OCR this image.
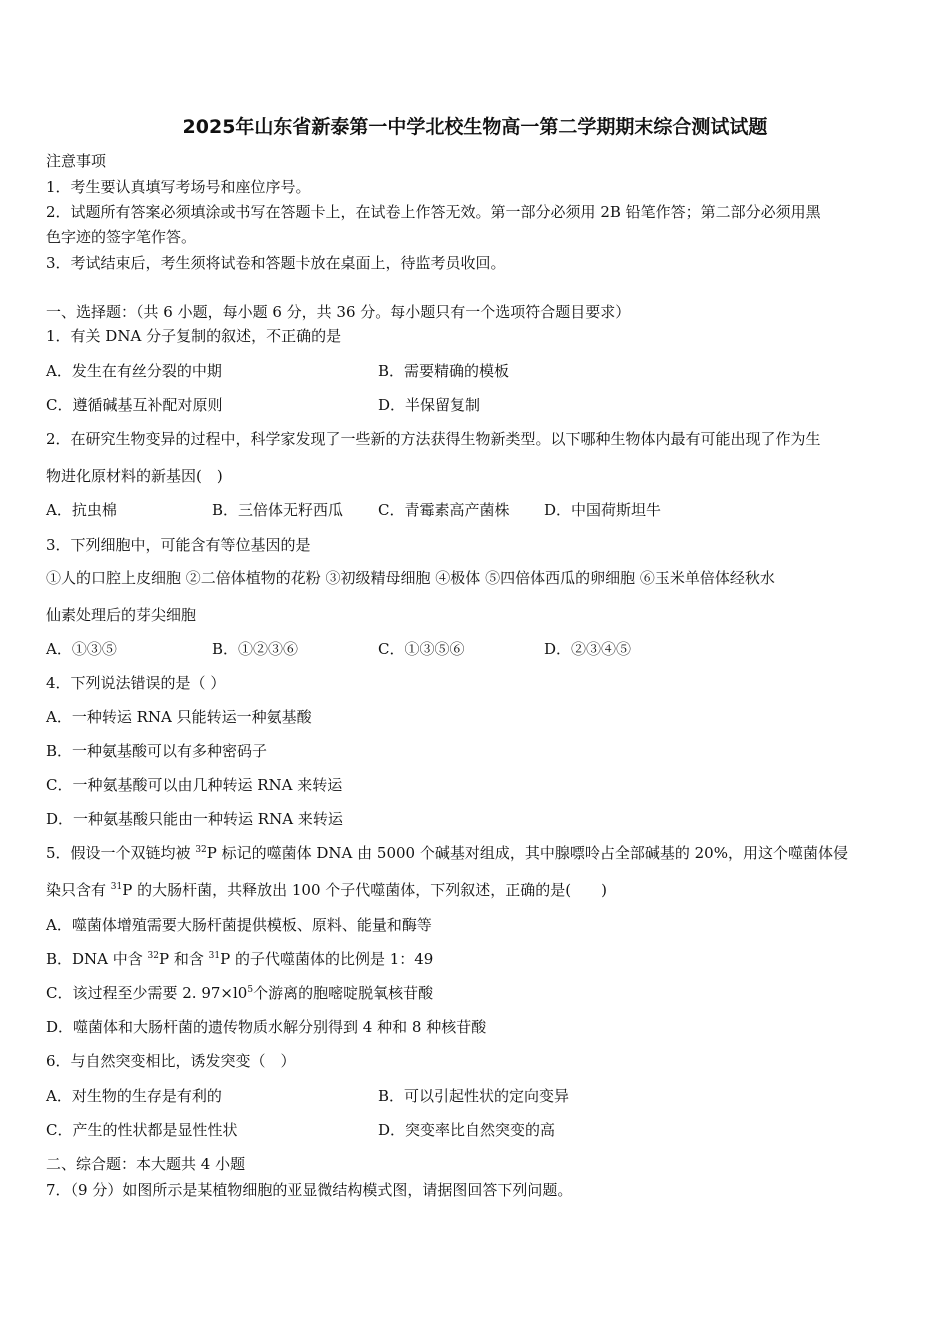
2025年山东省新泰第一中学北校生物高一第二学期期末综合测试试题
注意事项
1．考生要认真填写考场号和座位序号。
2．试题所有答案必须填涂或书写在答题卡上，在试卷上作答无效。第一部分必须用 2B 铅笔作答；第二部分必须用黑
色字迹的签字笔作答。
3．考试结束后，考生须将试卷和答题卡放在桌面上，待监考员收回。
一、选择题：（共 6 小题，每小题 6 分，共 36 分。每小题只有一个选项符合题目要求）
1．有关 DNA 分子复制的叙述，不正确的是
A．发生在有丝分裂的中期	B．需要精确的模板
C．遵循碱基互补配对原则	D．半保留复制
2．在研究生物变异的过程中，科学家发现了一些新的方法获得生物新类型。以下哪种生物体内最有可能出现了作为生
物进化原材料的新基因(　)
A．抗虫棉	B．三倍体无籽西瓜 C．青霉素高产菌株 D．中国荷斯坦牛
3．下列细胞中，可能含有等位基因的是
①人的口腔上皮细胞 ②二倍体植物的花粉 ③初级精母细胞 ④极体 ⑤四倍体西瓜的卵细胞 ⑥玉米单倍体经秋水
仙素处理后的芽尖细胞
A．①③⑤	B．①②③⑥	C．①③⑤⑥	D．②③④⑤
4．下列说法错误的是（ ）
A．一种转运 RNA 只能转运一种氨基酸
B．一种氨基酸可以有多种密码子
C．一种氨基酸可以由几种转运 RNA 来转运
D．一种氨基酸只能由一种转运 RNA 来转运
5．假设一个双链均被 $^{32}$P 标记的噬菌体 DNA 由 5000 个碱基对组成，其中腺嘌呤占全部碱基的 20%，用这个噬菌体侵
染只含有 $^{31}$P 的大肠杆菌，共释放出 100 个子代噬菌体，下列叙述，正确的是(　　)
A．噬菌体增殖需要大肠杆菌提供模板、原料、能量和酶等
B．DNA 中含 $^{32}$P 和含 $^{31}$P 的子代噬菌体的比例是 1：49
C．该过程至少需要 2. $97\times l0^5$个游离的胞嘧啶脱氧核苷酸
D．噬菌体和大肠杆菌的遗传物质水解分别得到 4 种和 8 种核苷酸
6．与自然突变相比，诱发突变（　）
A．对生物的生存是有利的	B．可以引起性状的定向变异
C．产生的性状都是显性性状	D．突变率比自然突变的高
二、综合题：本大题共 4 小题
7．（9 分）如图所示是某植物细胞的亚显微结构模式图，请据图回答下列问题。
